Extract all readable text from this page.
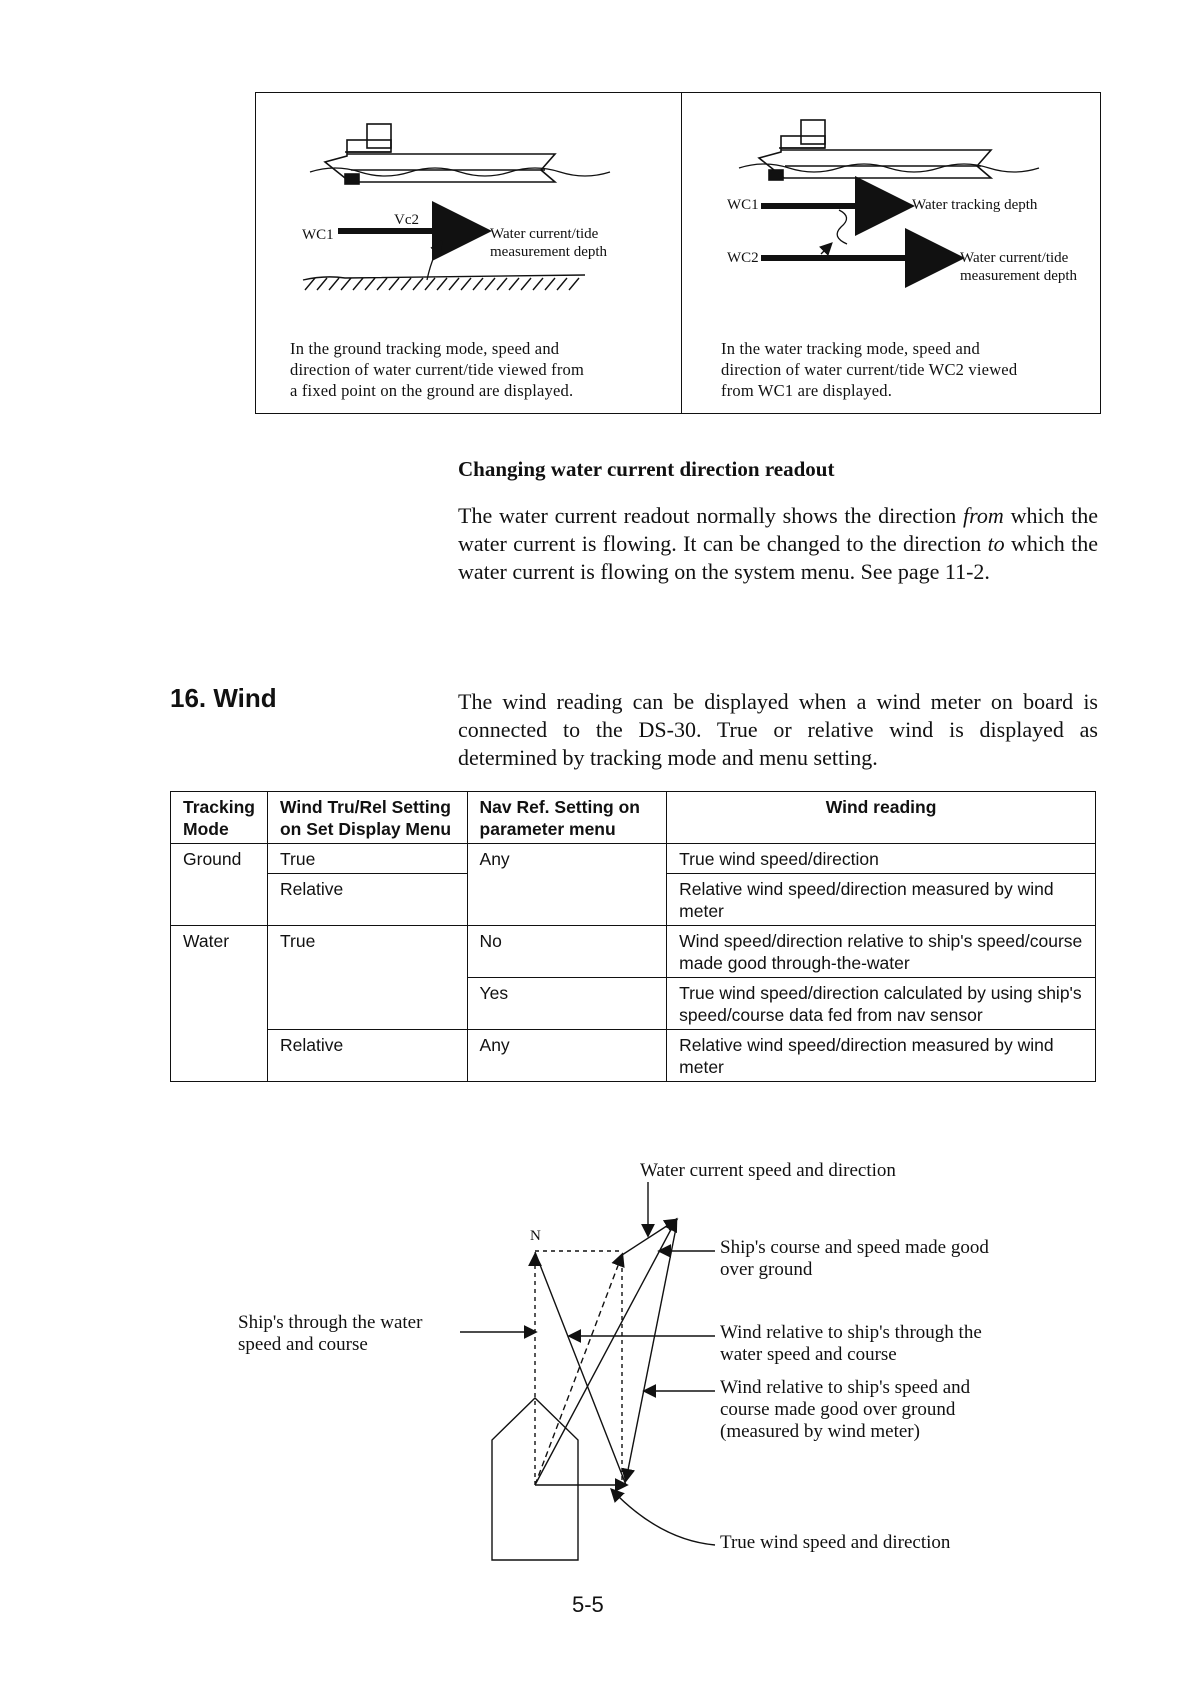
Vc2
WC1	Water current/tide
measurement depth
In the ground tracking mode, speed and
direction of water current/tide viewed from
a fixed point on the ground are displayed.
WC1	Water tracking depth
WC2	Water current/tide
measurement depth
In the water tracking mode, speed and
direction of water current/tide WC2 viewed
from WC1 are displayed.
Changing water current direction readout
The water current readout normally shows the direction from which the water current is flowing. It can be changed to the direction to which the water current is flowing on the system menu. See page 11-2.
16. Wind	The wind reading can be displayed when a wind meter on board is connected to the DS-30. True or relative wind is displayed as determined by tracking mode and menu setting.
Tracking Mode	Wind Tru/Rel Setting on Set Display Menu	Nav Ref. Setting on parameter menu	Wind reading
Ground	True	Any	True wind speed/direction
	Relative		Relative wind speed/direction measured by wind meter
Water	True	No	Wind speed/direction relative to ship's speed/course made good through-the-water
		Yes	True wind speed/direction calculated by using ship's speed/course data fed from nav sensor
	Relative	Any	Relative wind speed/direction measured by wind meter
N
Water current speed and direction
Ship's course and speed made good
over ground
Ship's through the water
speed and course
Wind relative to ship's through the
water speed and course
Wind relative to ship's speed and
course made good over ground
(measured by wind meter)
True wind speed and direction
5-5
